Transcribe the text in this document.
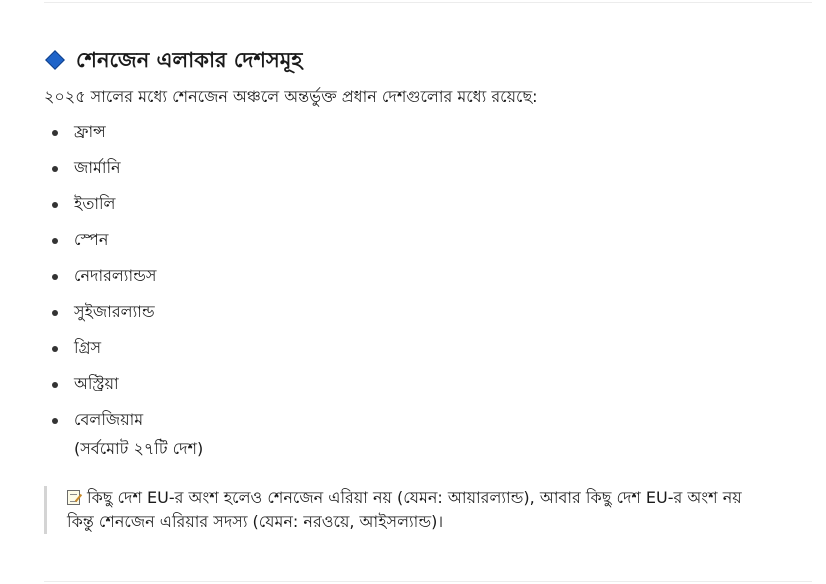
শেনজেন এলাকার দেশসমূহ

২০২৫ সালের মধ্যে শেনজেন অঞ্চলে অন্তর্ভুক্ত প্রধান দেশগুলোর মধ্যে রয়েছে:

ফ্রান্স
জার্মানি
ইতালি
স্পেন
নেদারল্যান্ডস
সুইজারল্যান্ড
গ্রিস
অস্ট্রিয়া
বেলজিয়াম
(সর্বমোট ২৭টি দেশ)
কিছু দেশ EU-র অংশ হলেও শেনজেন এরিয়া নয় (যেমন: আয়ারল্যান্ড), আবার কিছু দেশ EU-র অংশ নয়
কিন্তু শেনজেন এরিয়ার সদস্য (যেমন: নরওয়ে, আইসল্যান্ড)।
